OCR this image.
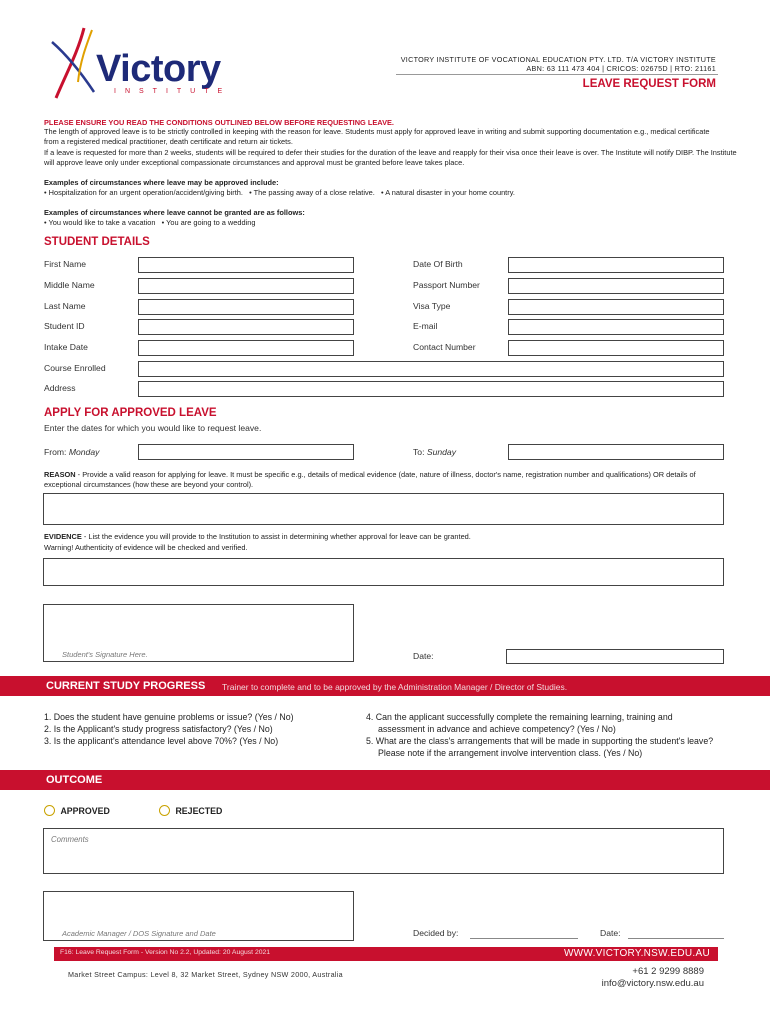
Victory
INSTITUTE
VICTORY INSTITUTE OF VOCATIONAL EDUCATION PTY. LTD. T/A VICTORY INSTITUTE
ABN: 63 111 473 404 | CRICOS: 02675D | RTO: 21161
LEAVE REQUEST FORM
PLEASE ENSURE YOU READ THE CONDITIONS OUTLINED BELOW BEFORE REQUESTING LEAVE.
The length of approved leave is to be strictly controlled in keeping with the reason for leave. Students must apply for approved leave in writing and submit supporting documentation e.g., medical certificate from a registered medical practitioner, death certificate and return air tickets.
If a leave is requested for more than 2 weeks, students will be required to defer their studies for the duration of the leave and reapply for their visa once their leave is over. The Institute will notify DIBP. The Institute will approve leave only under exceptional compassionate circumstances and approval must be granted before leave takes place.
Examples of circumstances where leave may be approved include:
• Hospitalization for an urgent operation/accident/giving birth.   • The passing away of a close relative.   • A natural disaster in your home country.
Examples of circumstances where leave cannot be granted are as follows:
• You would like to take a vacation   • You are going to a wedding
STUDENT DETAILS
First Name	Date Of Birth
Middle Name	Passport Number
Last Name	Visa Type
Student ID	E-mail
Intake Date	Contact Number
Course Enrolled
Address
APPLY FOR APPROVED LEAVE
Enter the dates for which you would like to request leave.
From: Monday	To: Sunday
REASON - Provide a valid reason for applying for leave. It must be specific e.g., details of medical evidence (date, nature of illness, doctor's name, registration number and qualifications) OR details of exceptional circumstances (how these are beyond your control).
EVIDENCE - List the evidence you will provide to the Institution to assist in determining whether approval for leave can be granted.
Warning! Authenticity of evidence will be checked and verified.
Student's Signature Here.	Date:
CURRENT STUDY PROGRESS Trainer to complete and to be approved by the Administration Manager / Director of Studies.
1. Does the student have genuine problems or issue? (Yes / No)
2. Is the Applicant's study progress satisfactory? (Yes / No)
3. Is the applicant's attendance level above 70%? (Yes / No)
4. Can the applicant successfully complete the remaining learning, training and
assessment in advance and achieve competency? (Yes / No)
5. What are the class's arrangements that will be made in supporting the student's leave?
Please note if the arrangement involve intervention class. (Yes / No)
OUTCOME
APPROVED	REJECTED
Comments
Academic Manager / DOS Signature and Date	Decided by:	Date:
F16: Leave Request Form - Version No 2.2, Updated: 20 August 2021	WWW.VICTORY.NSW.EDU.AU
Market Street Campus: Level 8, 32 Market Street, Sydney NSW 2000, Australia	+61 2 9299 8889
info@victory.nsw.edu.au
